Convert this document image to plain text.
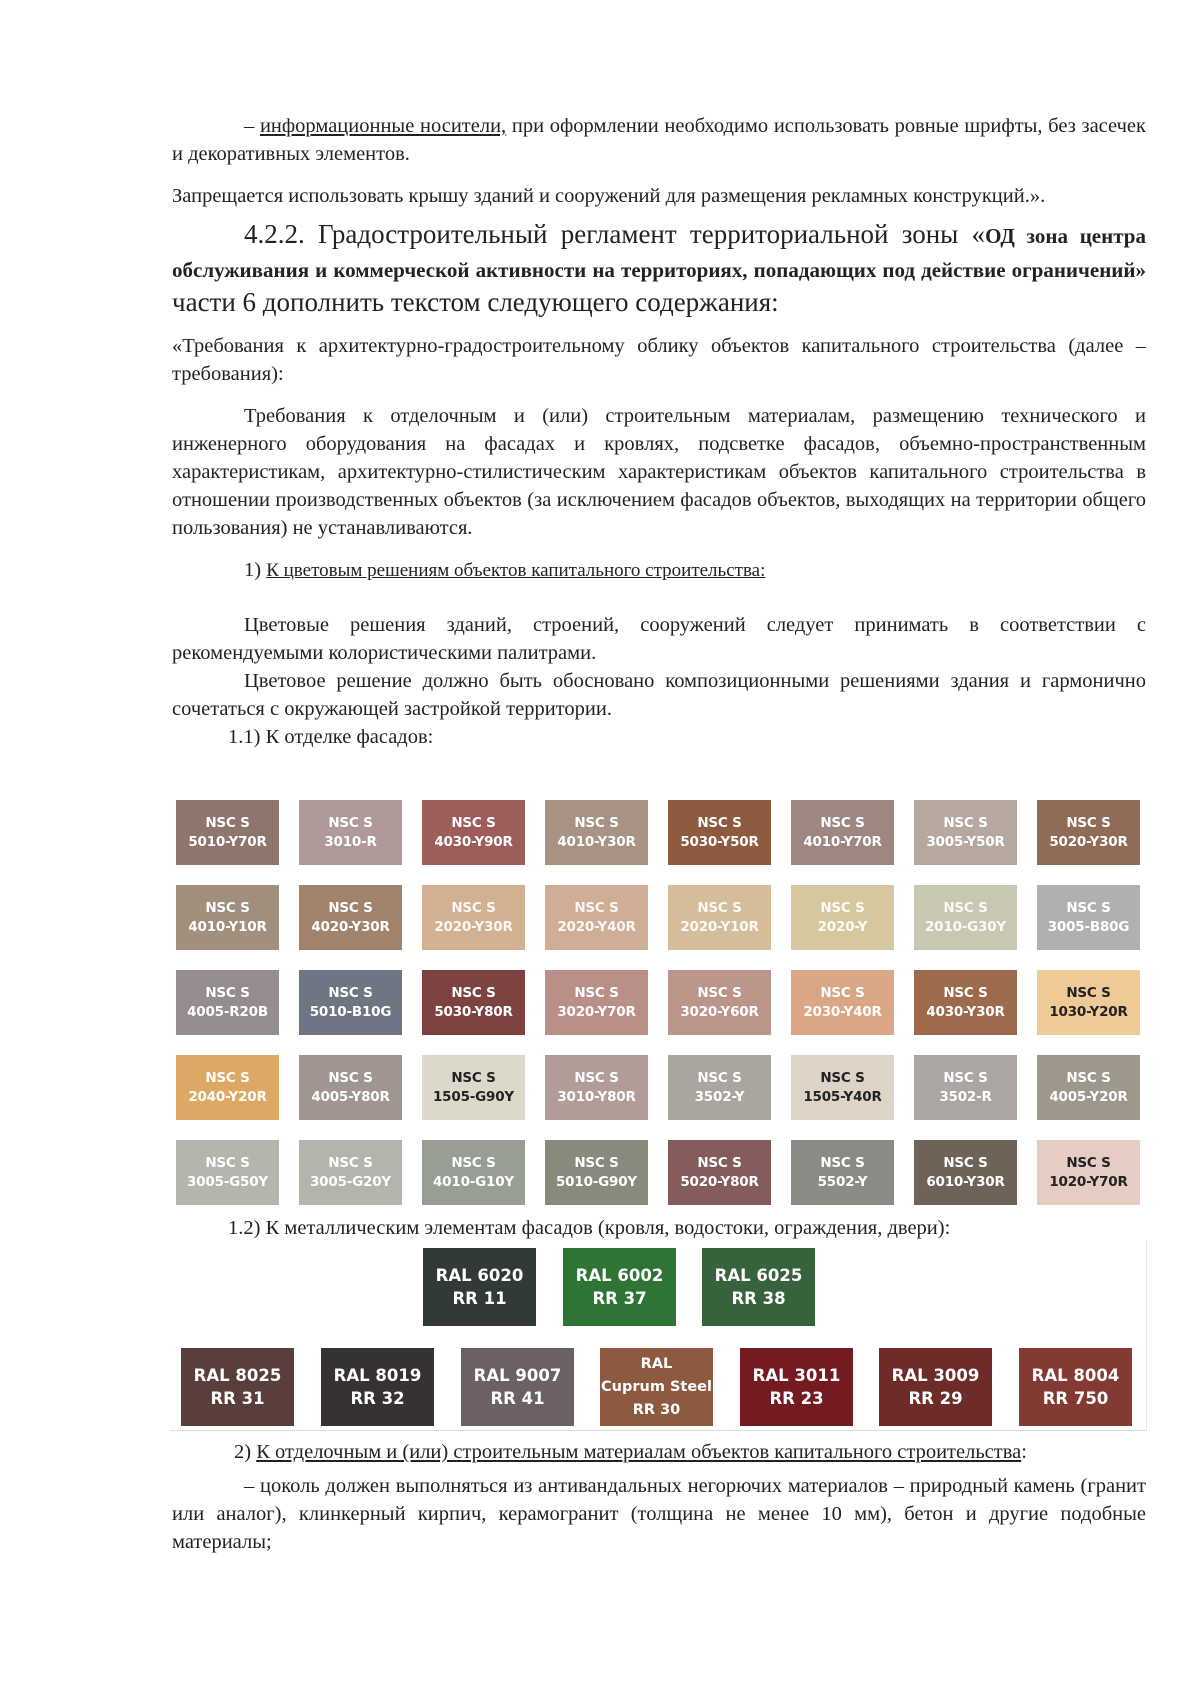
– информационные носители, при оформлении необходимо использовать ровные шрифты, без засечек и декоративных элементов.

Запрещается использовать крышу зданий и сооружений для размещения рекламных конструкций.».

4.2.2. Градостроительный регламент территориальной зоны «ОД зона центра обслуживания и коммерческой активности на территориях, попадающих под действие ограничений» части 6 дополнить текстом следующего содержания:

«Требования к архитектурно-градостроительному облику объектов капитального строительства (далее – требования):

Требования к отделочным и (или) строительным материалам, размещению технического и инженерного оборудования на фасадах и кровлях, подсветке фасадов, объемно-пространственным характеристикам, архитектурно-стилистическим характеристикам объектов капитального строительства в отношении производственных объектов (за исключением фасадов объектов, выходящих на территории общего пользования) не устанавливаются.

1) К цветовым решениям объектов капитального строительства:

Цветовые решения зданий, строений, сооружений следует принимать в соответствии с рекомендуемыми колористическими палитрами.

Цветовое решение должно быть обосновано композиционными решениями здания и гармонично сочетаться с окружающей застройкой территории.

1.1) К отделке фасадов:

NSC S
5010-Y70R
NSC S
3010-R
NSC S
4030-Y90R
NSC S
4010-Y30R
NSC S
5030-Y50R
NSC S
4010-Y70R
NSC S
3005-Y50R
NSC S
5020-Y30R
NSC S
4010-Y10R
NSC S
4020-Y30R
NSC S
2020-Y30R
NSC S
2020-Y40R
NSC S
2020-Y10R
NSC S
2020-Y
NSC S
2010-G30Y
NSC S
3005-B80G
NSC S
4005-R20B
NSC S
5010-B10G
NSC S
5030-Y80R
NSC S
3020-Y70R
NSC S
3020-Y60R
NSC S
2030-Y40R
NSC S
4030-Y30R
NSC S
1030-Y20R
NSC S
2040-Y20R
NSC S
4005-Y80R
NSC S
1505-G90Y
NSC S
3010-Y80R
NSC S
3502-Y
NSC S
1505-Y40R
NSC S
3502-R
NSC S
4005-Y20R
NSC S
3005-G50Y
NSC S
3005-G20Y
NSC S
4010-G10Y
NSC S
5010-G90Y
NSC S
5020-Y80R
NSC S
5502-Y
NSC S
6010-Y30R
NSC S
1020-Y70R

1.2) К металлическим элементам фасадов (кровля, водостоки, ограждения, двери):

RAL 6020
RR 11
RAL 6002
RR 37
RAL 6025
RR 38
RAL 8025
RR 31
RAL 8019
RR 32
RAL 9007
RR 41
RAL
Cuprum Steel
RR 30
RAL 3011
RR 23
RAL 3009
RR 29
RAL 8004
RR 750

2) К отделочным и (или) строительным материалам объектов капитального строительства:

– цоколь должен выполняться из антивандальных негорючих материалов – природный камень (гранит или аналог), клинкерный кирпич, керамогранит (толщина не менее 10 мм), бетон и другие подобные материалы;
